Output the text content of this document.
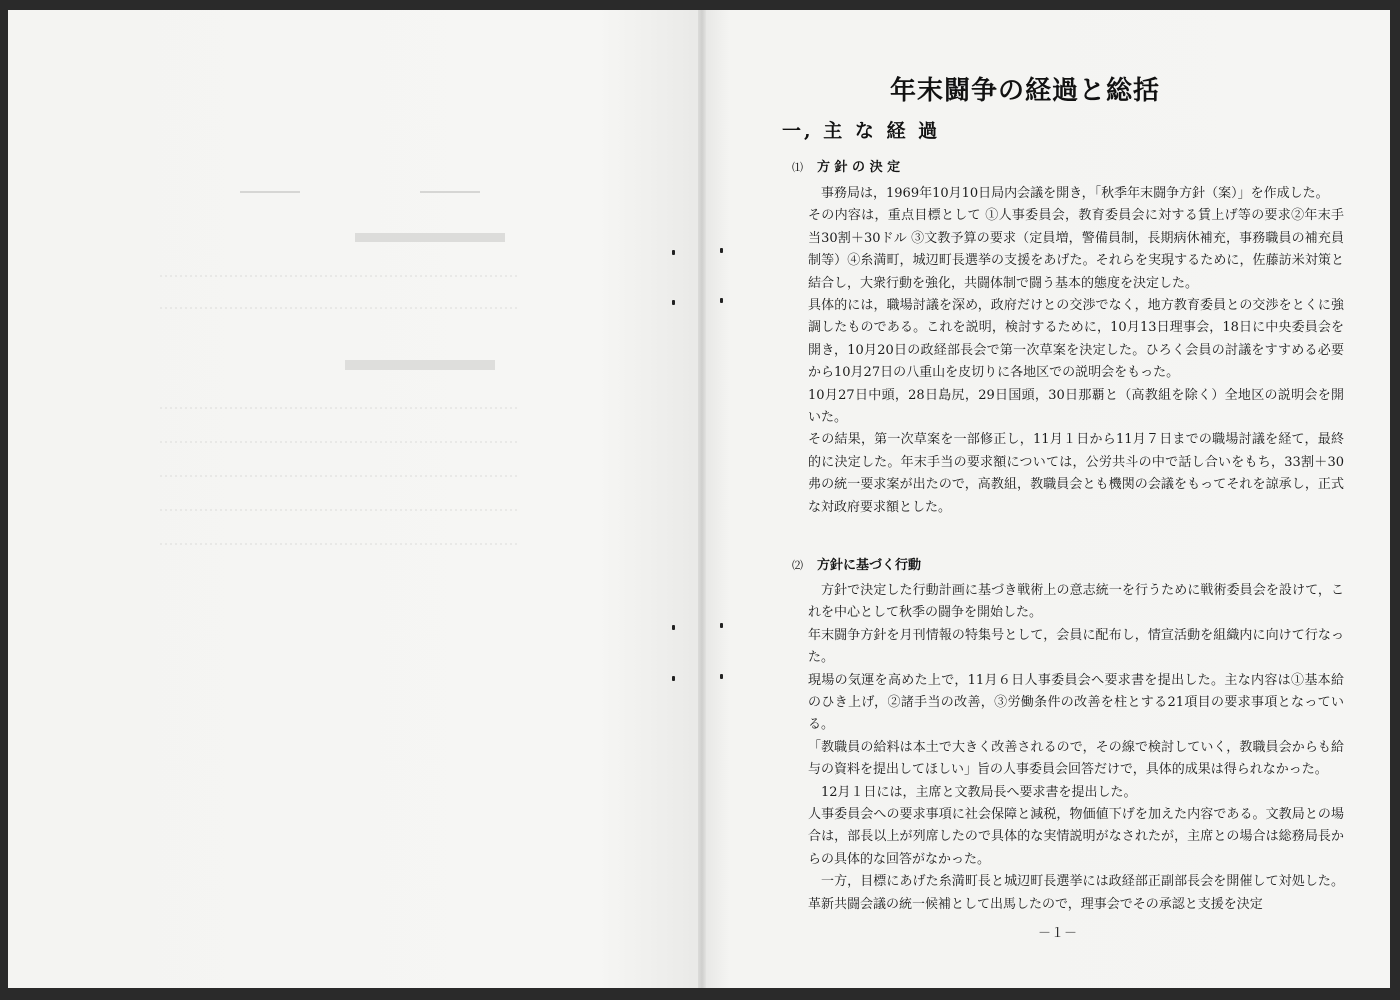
年末闘争の経過と総括
一, 主 な 経 過
⑴ 方 針 の 決 定

事務局は，1969年10月10日局内会議を開き，「秋季年末闘争方針（案）」を作成した。

その内容は，重点目標として ①人事委員会，教育委員会に対する賃上げ等の要求②年末手当30割＋30ドル ③文教予算の要求（定員増，警備員制，長期病休補充，事務職員の補充員制等）④糸満町，城辺町長選挙の支援をあげた。それらを実現するために，佐藤訪米対策と結合し，大衆行動を強化，共闘体制で闘う基本的態度を決定した。

具体的には，職場討議を深め，政府だけとの交渉でなく，地方教育委員との交渉をとくに強調したものである。これを説明，検討するために，10月13日理事会，18日に中央委員会を開き，10月20日の政経部長会で第一次草案を決定した。ひろく会員の討議をすすめる必要から10月27日の八重山を皮切りに各地区での説明会をもった。

10月27日中頭，28日島尻，29日国頭，30日那覇と（高教組を除く）全地区の説明会を開いた。

その結果，第一次草案を一部修正し，11月１日から11月７日までの職場討議を経て，最終的に決定した。年末手当の要求額については，公労共斗の中で話し合いをもち，33割＋30弗の統一要求案が出たので，高教組，教職員会とも機関の会議をもってそれを諒承し，正式な対政府要求額とした。

⑵ 方針に基づく行動

方針で決定した行動計画に基づき戦術上の意志統一を行うために戦術委員会を設けて，これを中心として秋季の闘争を開始した。

年末闘争方針を月刊情報の特集号として，会員に配布し，情宣活動を組織内に向けて行なった。

現場の気運を高めた上で，11月６日人事委員会へ要求書を提出した。主な内容は①基本給のひき上げ，②諸手当の改善，③労働条件の改善を柱とする21項目の要求事項となっている。

「教職員の給料は本土で大きく改善されるので，その線で検討していく，教職員会からも給与の資料を提出してほしい」旨の人事委員会回答だけで，具体的成果は得られなかった。

12月１日には，主席と文教局長へ要求書を提出した。

人事委員会への要求事項に社会保障と減税，物価値下げを加えた内容である。文教局との場合は，部長以上が列席したので具体的な実情説明がなされたが，主席との場合は総務局長からの具体的な回答がなかった。

一方，目標にあげた糸満町長と城辺町長選挙には政経部正副部長会を開催して対処した。革新共闘会議の統一候補として出馬したので，理事会でその承認と支援を決定

－１－
